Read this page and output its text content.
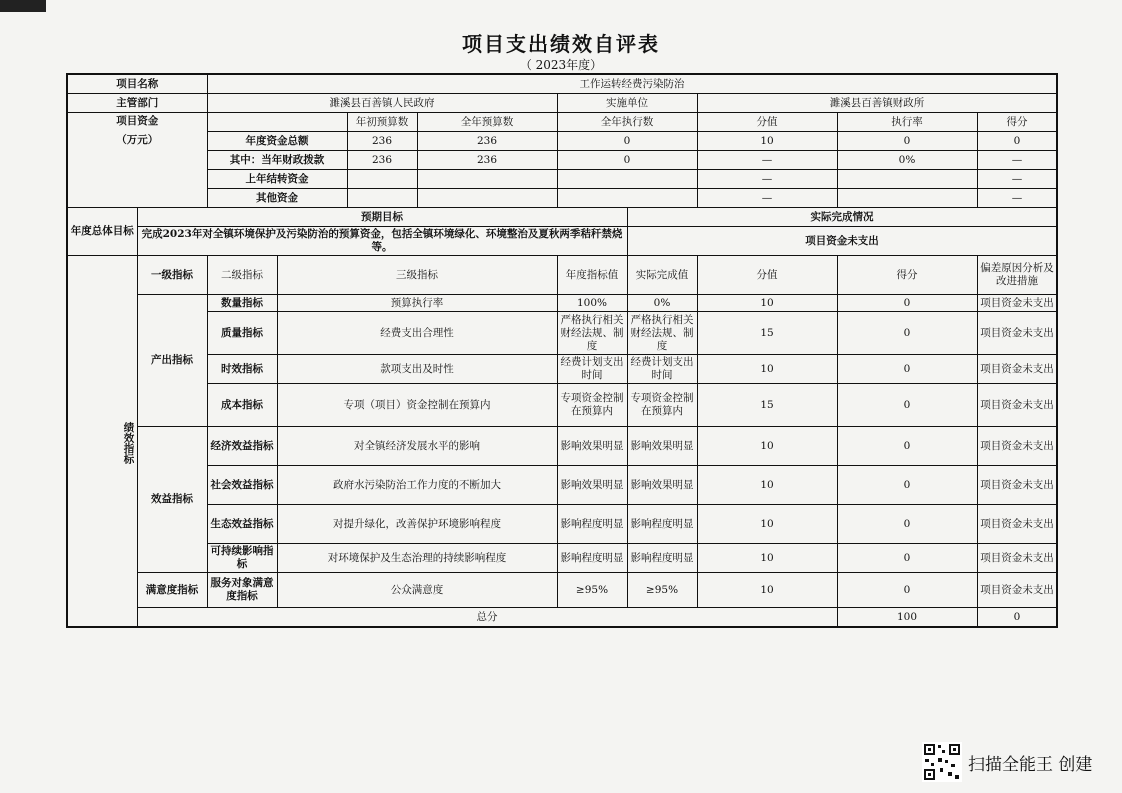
项目支出绩效自评表
（ 2023年度）
项目名称		工作运转经费污染防治									
主管部门		濉溪县百善镇人民政府				实施单位		濉溪县百善镇财政所			

项目资金
（万元）				年初预算数	全年预算数	全年执行数		分值	执行率	得分	
		年度资金总额		236	236	0		10	0	0	
		其中：当年财政拨款		236	236	0		—	0%	—	
		上年结转资金						—		—	
		其他资金						—		—	
年度总体目标	预期目标						实际完成情况				
	完成2023年对全镇环境保护及污染防治的预算资金，包括全镇环境绿化、环境整治及夏秋两季秸秆禁烧等。						项目资金未支出				
绩效指标	一级指标	二级指标	三级指标			年度指标值	实际完成值	分值	得分	偏差原因分析及改进措施	
	产出指标	数量指标	预算执行率			100%	0%	10	0	项目资金未支出	
		质量指标	经费支出合理性			严格执行相关财经法规、制度	严格执行相关财经法规、制度	15	0	项目资金未支出	
		时效指标	款项支出及时性			经费计划支出时间	经费计划支出时间	10	0	项目资金未支出	
		成本指标	专项（项目）资金控制在预算内			专项资金控制在预算内	专项资金控制在预算内	15	0	项目资金未支出	
	效益指标	经济效益指标	对全镇经济发展水平的影响			影响效果明显	影响效果明显	10	0	项目资金未支出	
		社会效益指标	政府水污染防治工作力度的不断加大			影响效果明显	影响效果明显	10	0	项目资金未支出	
		生态效益指标	对提升绿化，改善保护环境影响程度			影响程度明显	影响程度明显	10	0	项目资金未支出	
		可持续影响指标	对环境保护及生态治理的持续影响程度			影响程度明显	影响程度明显	10	0	项目资金未支出	
	满意度指标	服务对象满意度指标	公众满意度			≥95%	≥95%	10	0	项目资金未支出	
	总分								100	0	
扫描全能王 创建
